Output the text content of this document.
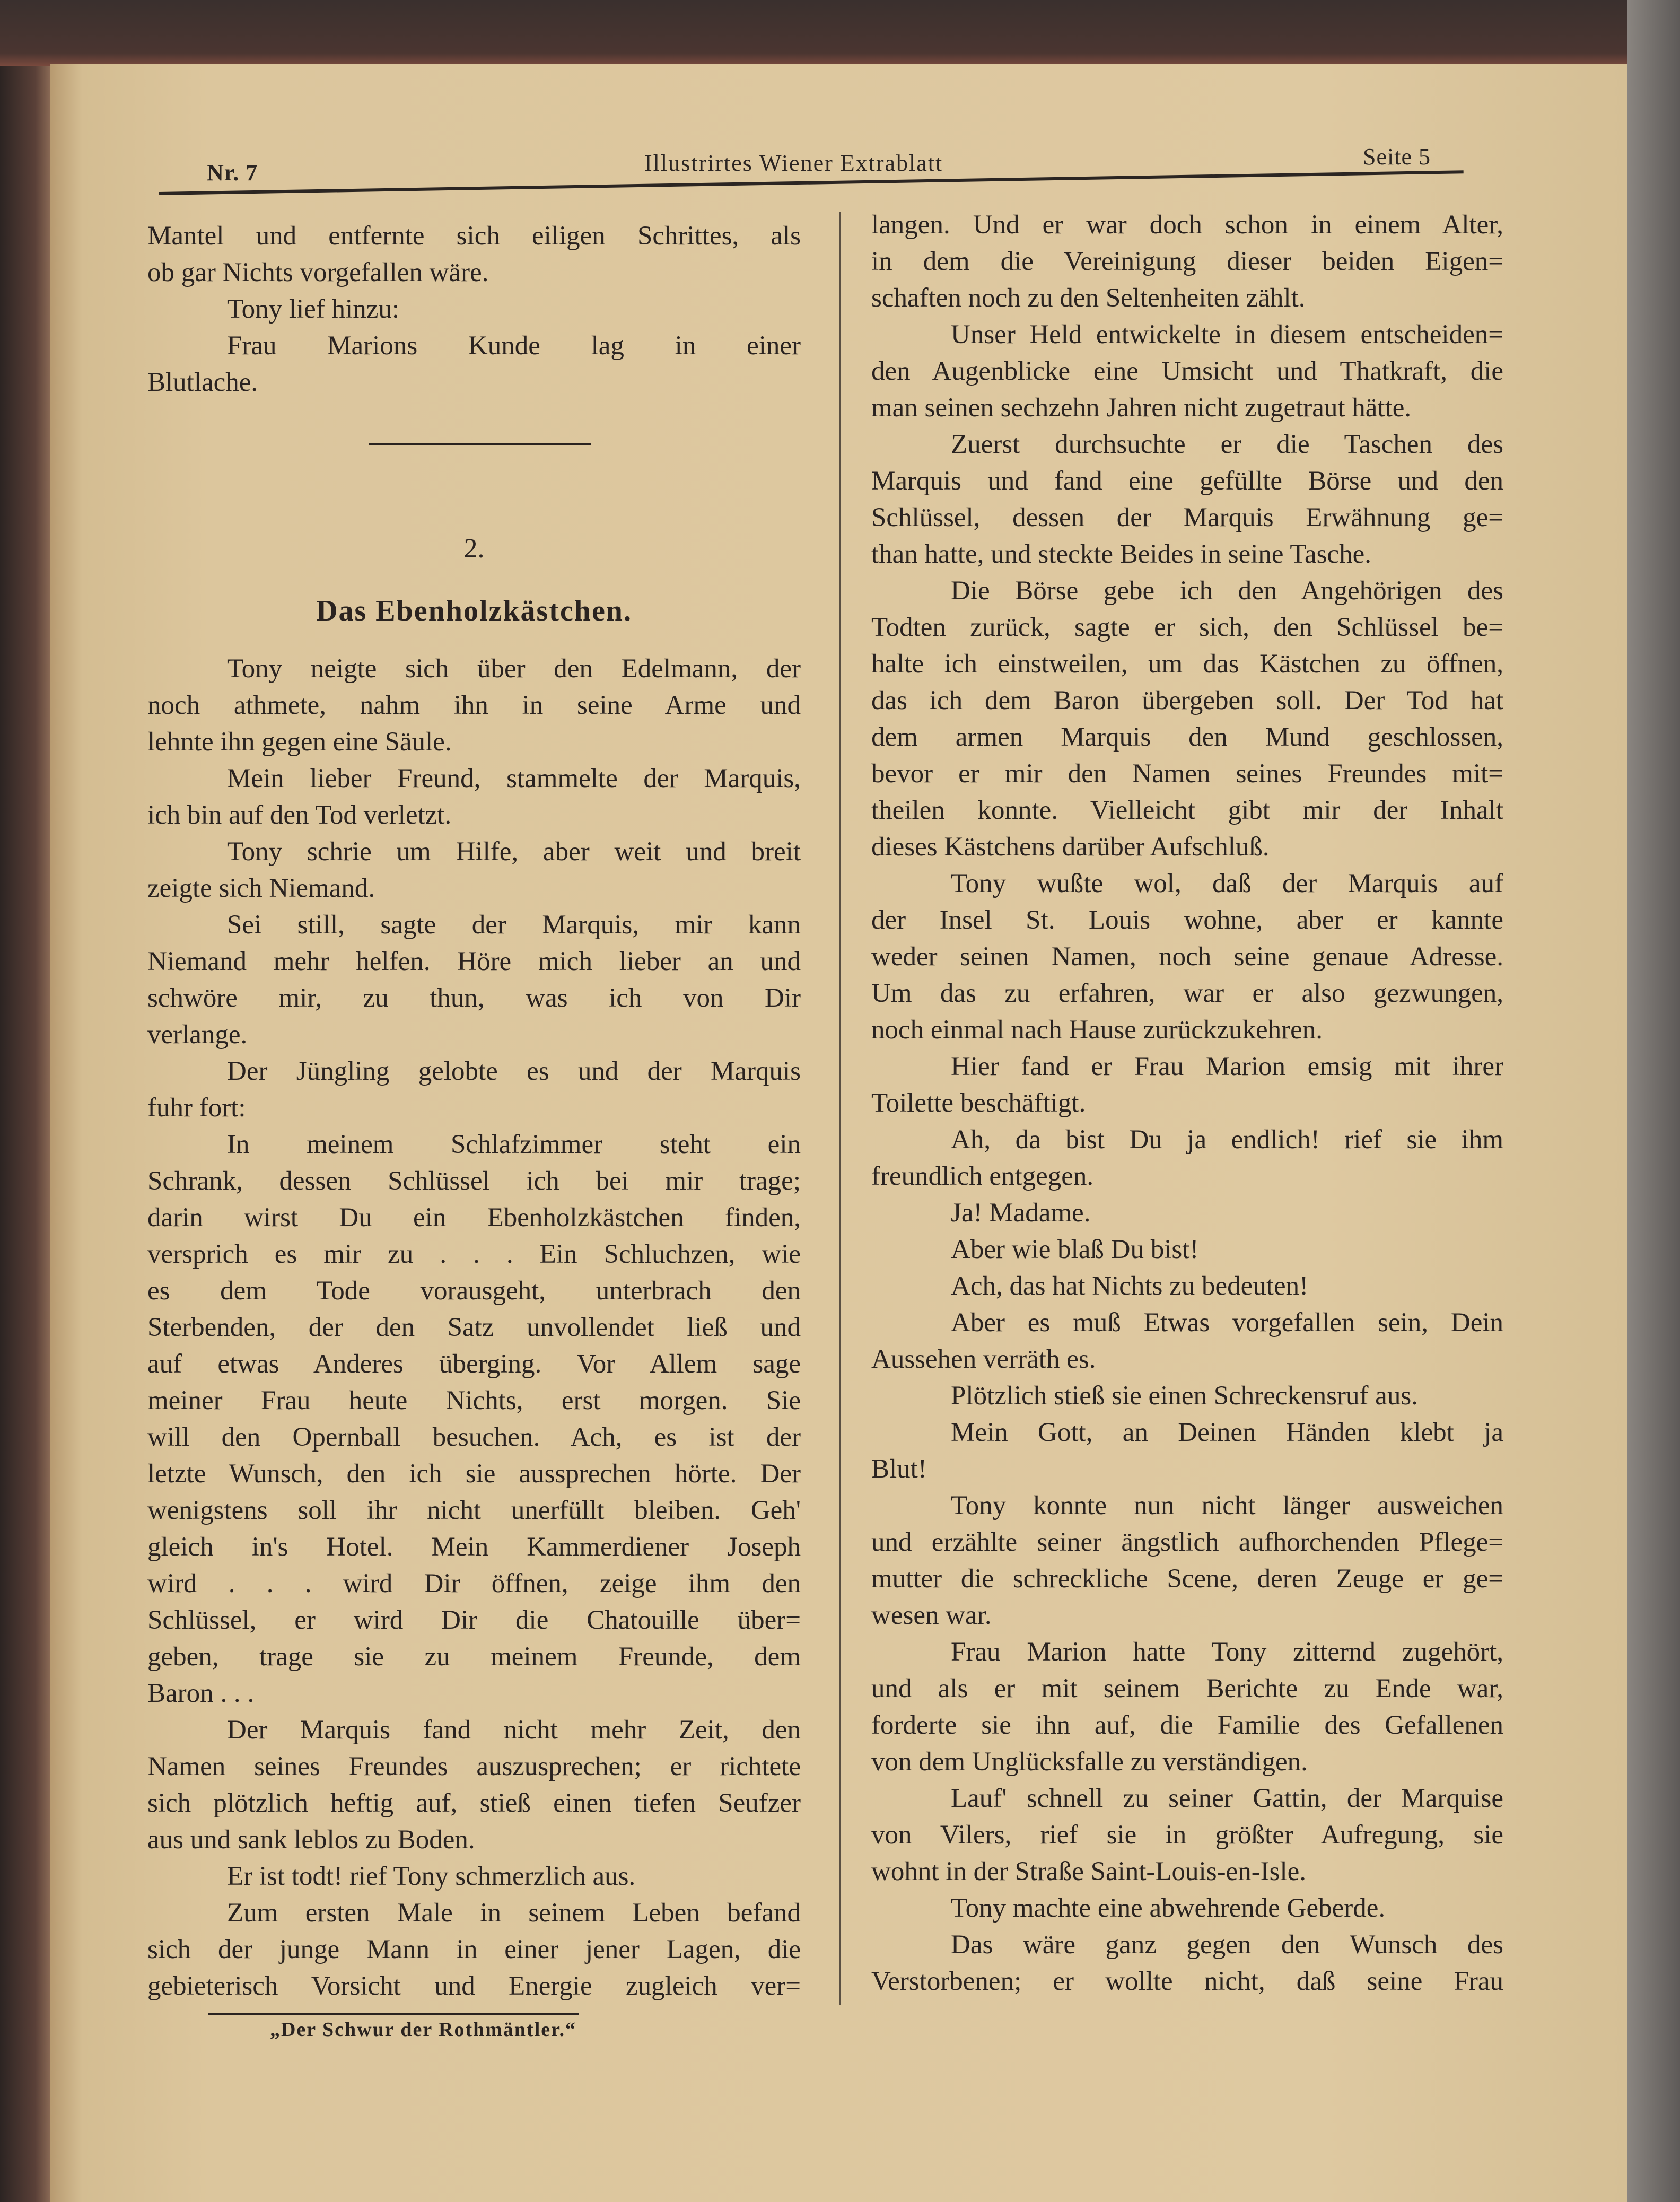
Nr. 7	Illustrirtes Wiener Extrablatt	Seite 5
Mantel und entfernte sich eiligen Schrittes, als
ob gar Nichts vorgefallen wäre.
Tony lief hinzu:
Frau Marions Kunde lag in einer
Blutlache.
2.
Das Ebenholzkästchen.
Tony neigte sich über den Edelmann, der
noch athmete, nahm ihn in seine Arme und
lehnte ihn gegen eine Säule.
Mein lieber Freund, stammelte der Marquis,
ich bin auf den Tod verletzt.
Tony schrie um Hilfe, aber weit und breit
zeigte sich Niemand.
Sei still, sagte der Marquis, mir kann
Niemand mehr helfen. Höre mich lieber an und
schwöre mir, zu thun, was ich von Dir
verlange.
Der Jüngling gelobte es und der Marquis
fuhr fort:
In meinem Schlafzimmer steht ein
Schrank, dessen Schlüssel ich bei mir trage;
darin wirst Du ein Ebenholzkästchen finden,
versprich es mir zu . . . Ein Schluchzen, wie
es dem Tode vorausgeht, unterbrach den
Sterbenden, der den Satz unvollendet ließ und
auf etwas Anderes überging. Vor Allem sage
meiner Frau heute Nichts, erst morgen. Sie
will den Opernball besuchen. Ach, es ist der
letzte Wunsch, den ich sie aussprechen hörte. Der
wenigstens soll ihr nicht unerfüllt bleiben. Geh'
gleich in's Hotel. Mein Kammerdiener Joseph
wird . . . wird Dir öffnen, zeige ihm den
Schlüssel, er wird Dir die Chatouille über=
geben, trage sie zu meinem Freunde, dem
Baron . . .
Der Marquis fand nicht mehr Zeit, den
Namen seines Freundes auszusprechen; er richtete
sich plötzlich heftig auf, stieß einen tiefen Seufzer
aus und sank leblos zu Boden.
Er ist todt! rief Tony schmerzlich aus.
Zum ersten Male in seinem Leben befand
sich der junge Mann in einer jener Lagen, die
gebieterisch Vorsicht und Energie zugleich ver=
„Der Schwur der Rothmäntler.“
langen. Und er war doch schon in einem Alter,
in dem die Vereinigung dieser beiden Eigen=
schaften noch zu den Seltenheiten zählt.
Unser Held entwickelte in diesem entscheiden=
den Augenblicke eine Umsicht und Thatkraft, die
man seinen sechzehn Jahren nicht zugetraut hätte.
Zuerst durchsuchte er die Taschen des
Marquis und fand eine gefüllte Börse und den
Schlüssel, dessen der Marquis Erwähnung ge=
than hatte, und steckte Beides in seine Tasche.
Die Börse gebe ich den Angehörigen des
Todten zurück, sagte er sich, den Schlüssel be=
halte ich einstweilen, um das Kästchen zu öffnen,
das ich dem Baron übergeben soll. Der Tod hat
dem armen Marquis den Mund geschlossen,
bevor er mir den Namen seines Freundes mit=
theilen konnte. Vielleicht gibt mir der Inhalt
dieses Kästchens darüber Aufschluß.
Tony wußte wol, daß der Marquis auf
der Insel St. Louis wohne, aber er kannte
weder seinen Namen, noch seine genaue Adresse.
Um das zu erfahren, war er also gezwungen,
noch einmal nach Hause zurückzukehren.
Hier fand er Frau Marion emsig mit ihrer
Toilette beschäftigt.
Ah, da bist Du ja endlich! rief sie ihm
freundlich entgegen.
Ja! Madame.
Aber wie blaß Du bist!
Ach, das hat Nichts zu bedeuten!
Aber es muß Etwas vorgefallen sein, Dein
Aussehen verräth es.
Plötzlich stieß sie einen Schreckensruf aus.
Mein Gott, an Deinen Händen klebt ja
Blut!
Tony konnte nun nicht länger ausweichen
und erzählte seiner ängstlich aufhorchenden Pflege=
mutter die schreckliche Scene, deren Zeuge er ge=
wesen war.
Frau Marion hatte Tony zitternd zugehört,
und als er mit seinem Berichte zu Ende war,
forderte sie ihn auf, die Familie des Gefallenen
von dem Unglücksfalle zu verständigen.
Lauf' schnell zu seiner Gattin, der Marquise
von Vilers, rief sie in größter Aufregung, sie
wohnt in der Straße Saint-Louis-en-Isle.
Tony machte eine abwehrende Geberde.
Das wäre ganz gegen den Wunsch des
Verstorbenen; er wollte nicht, daß seine Frau
